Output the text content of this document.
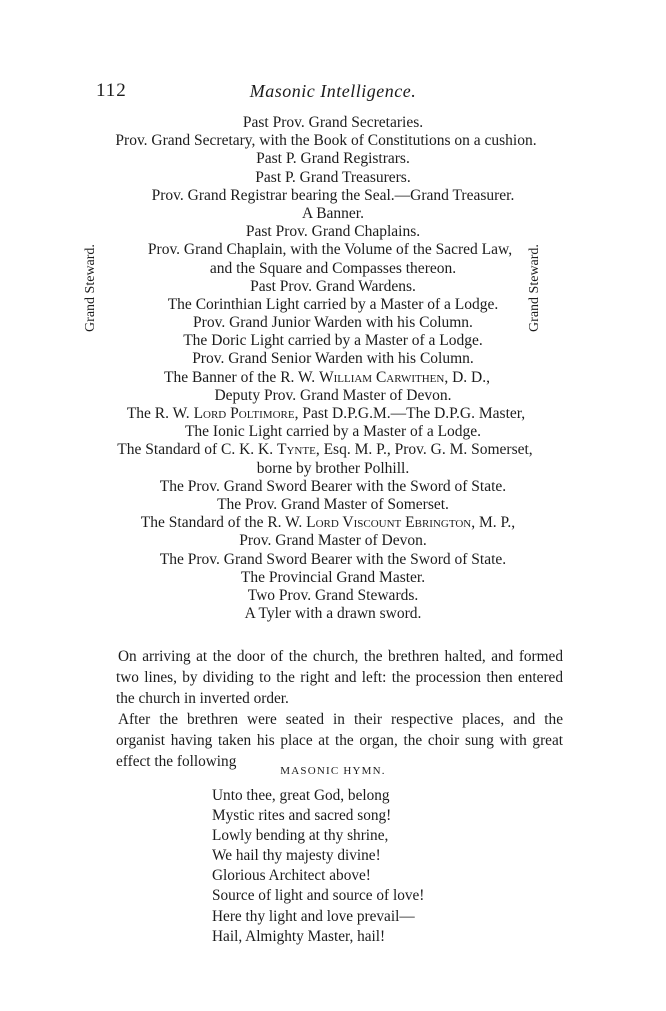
112	Masonic Intelligence.
Grand Steward.	Grand Steward.
Past Prov. Grand Secretaries.
Prov. Grand Secretary, with the Book of Constitutions on a cushion.
Past P. Grand Registrars.
Past P. Grand Treasurers.
Prov. Grand Registrar bearing the Seal.—Grand Treasurer.
A Banner.
Past Prov. Grand Chaplains.
Prov. Grand Chaplain, with the Volume of the Sacred Law,
and the Square and Compasses thereon.
Past Prov. Grand Wardens.
The Corinthian Light carried by a Master of a Lodge.
Prov. Grand Junior Warden with his Column.
The Doric Light carried by a Master of a Lodge.
Prov. Grand Senior Warden with his Column.
The Banner of the R. W. William Carwithen, D. D.,
Deputy Prov. Grand Master of Devon.
The R. W. Lord Poltimore, Past D.P.G.M.—The D.P.G. Master,
The Ionic Light carried by a Master of a Lodge.
The Standard of C. K. K. Tynte, Esq. M. P., Prov. G. M. Somerset,
borne by brother Polhill.
The Prov. Grand Sword Bearer with the Sword of State.
The Prov. Grand Master of Somerset.
The Standard of the R. W. Lord Viscount Ebrington, M. P.,
Prov. Grand Master of Devon.
The Prov. Grand Sword Bearer with the Sword of State.
The Provincial Grand Master.
Two Prov. Grand Stewards.
A Tyler with a drawn sword.

On arriving at the door of the church, the brethren halted, and formed two lines, by dividing to the right and left: the procession then entered the church in inverted order.

After the brethren were seated in their respective places, and the organist having taken his place at the organ, the choir sung with great effect the following

MASONIC HYMN.
Unto thee, great God, belong
Mystic rites and sacred song!
Lowly bending at thy shrine,
We hail thy majesty divine!
Glorious Architect above!
Source of light and source of love!
Here thy light and love prevail—
Hail, Almighty Master, hail!
